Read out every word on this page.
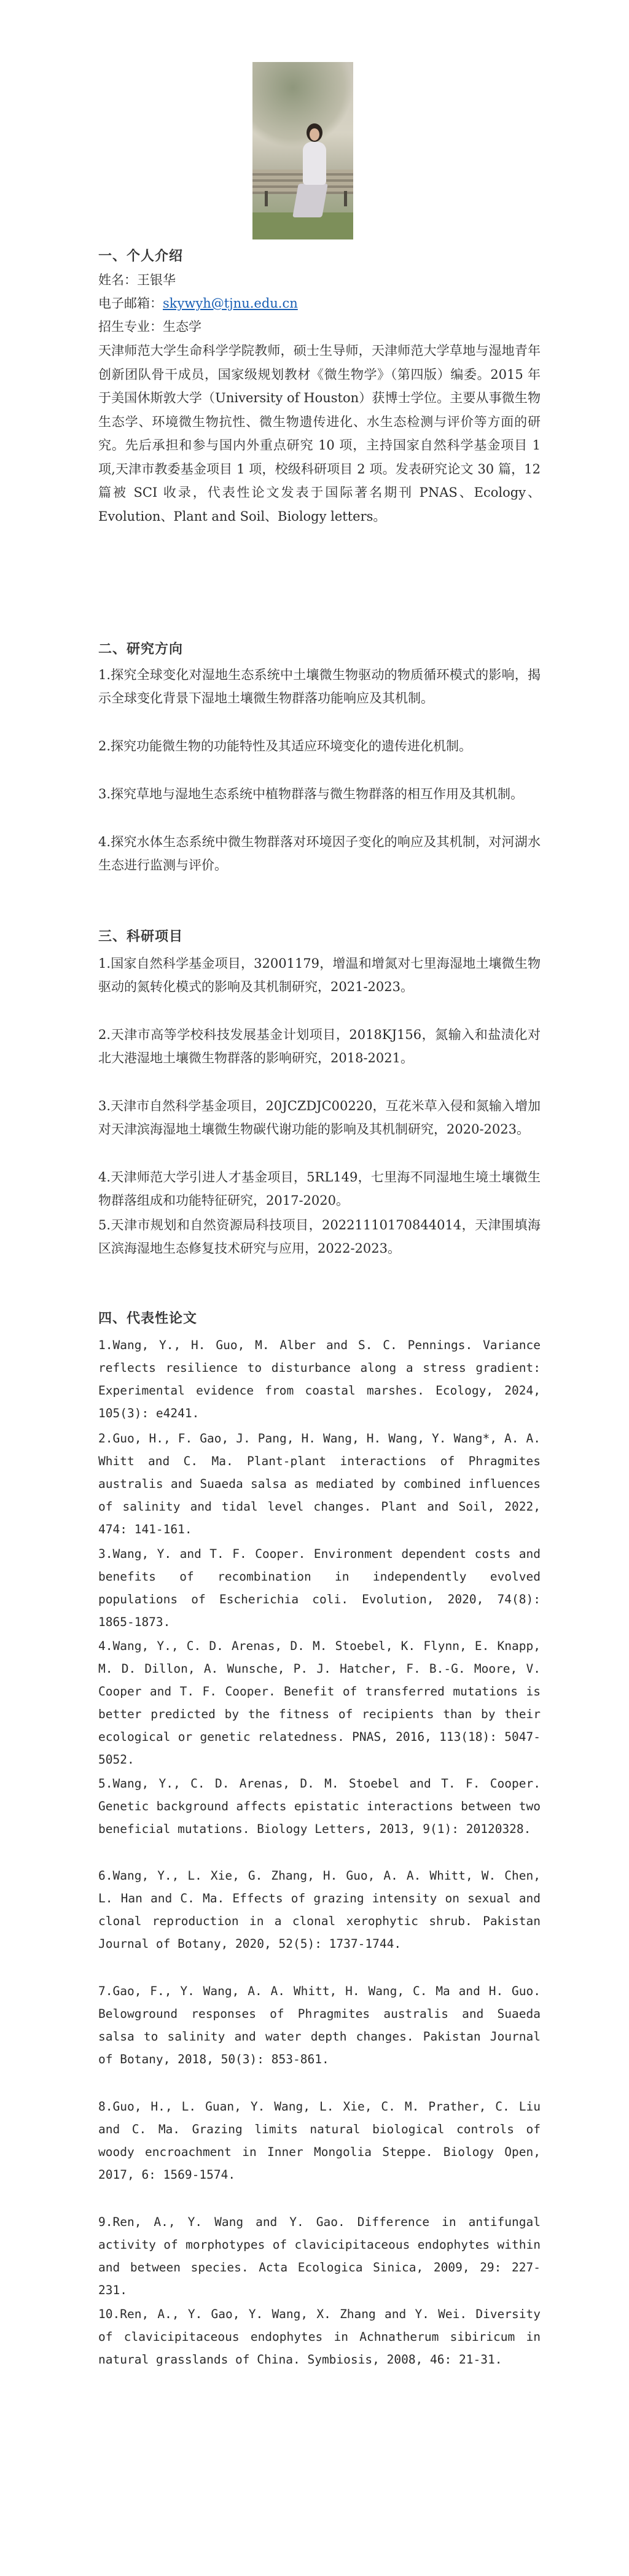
一、个人介绍

姓名：王银华

电子邮箱：skywyh@tjnu.edu.cn

招生专业：生态学

天津师范大学生命科学学院教师，硕士生导师，天津师范大学草地与湿地青年创新团队骨干成员，国家级规划教材《微生物学》（第四版）编委。2015 年于美国休斯敦大学（University of Houston）获博士学位。主要从事微生物生态学、环境微生物抗性、微生物遗传进化、水生态检测与评价等方面的研究。先后承担和参与国内外重点研究 10 项，主持国家自然科学基金项目 1 项,天津市教委基金项目 1 项，校级科研项目 2 项。发表研究论文 30 篇，12 篇被 SCI 收录，代表性论文发表于国际著名期刊 PNAS、Ecology、Evolution、Plant and Soil、Biology letters。

二、研究方向

1.探究全球变化对湿地生态系统中土壤微生物驱动的物质循环模式的影响，揭示全球变化背景下湿地土壤微生物群落功能响应及其机制。

2.探究功能微生物的功能特性及其适应环境变化的遗传进化机制。

3.探究草地与湿地生态系统中植物群落与微生物群落的相互作用及其机制。

4.探究水体生态系统中微生物群落对环境因子变化的响应及其机制，对河湖水生态进行监测与评价。

三、科研项目

1.国家自然科学基金项目，32001179，增温和增氮对七里海湿地土壤微生物驱动的氮转化模式的影响及其机制研究，2021-2023。

2.天津市高等学校科技发展基金计划项目，2018KJ156，氮输入和盐渍化对北大港湿地土壤微生物群落的影响研究，2018-2021。

3.天津市自然科学基金项目，20JCZDJC00220，互花米草入侵和氮输入增加对天津滨海湿地土壤微生物碳代谢功能的影响及其机制研究，2020-2023。

4.天津师范大学引进人才基金项目，5RL149，七里海不同湿地生境土壤微生物群落组成和功能特征研究，2017-2020。

5.天津市规划和自然资源局科技项目，20221110170844014，天津围填海区滨海湿地生态修复技术研究与应用，2022-2023。

四、代表性论文

1.Wang, Y., H. Guo, M. Alber and S. C. Pennings. Variance reflects resilience to disturbance along a stress gradient: Experimental evidence from coastal marshes. Ecology, 2024, 105(3): e4241.

2.Guo, H., F. Gao, J. Pang, H. Wang, H. Wang, Y. Wang*, A. A. Whitt and C. Ma. Plant-plant interactions of Phragmites australis and Suaeda salsa as mediated by combined influences of salinity and tidal level changes. Plant and Soil, 2022, 474: 141-161.

3.Wang, Y. and T. F. Cooper. Environment dependent costs and benefits of recombination in independently evolved populations of Escherichia coli. Evolution, 2020, 74(8): 1865-1873.

4.Wang, Y., C. D. Arenas, D. M. Stoebel, K. Flynn, E. Knapp, M. D. Dillon, A. Wunsche, P. J. Hatcher, F. B.-G. Moore, V. Cooper and T. F. Cooper. Benefit of transferred mutations is better predicted by the fitness of recipients than by their ecological or genetic relatedness. PNAS, 2016, 113(18): 5047-5052.

5.Wang, Y., C. D. Arenas, D. M. Stoebel and T. F. Cooper. Genetic background affects epistatic interactions between two beneficial mutations. Biology Letters, 2013, 9(1): 20120328.

6.Wang, Y., L. Xie, G. Zhang, H. Guo, A. A. Whitt, W. Chen, L. Han and C. Ma. Effects of grazing intensity on sexual and clonal reproduction in a clonal xerophytic shrub. Pakistan Journal of Botany, 2020, 52(5): 1737-1744.

7.Gao, F., Y. Wang, A. A. Whitt, H. Wang, C. Ma and H. Guo. Belowground responses of Phragmites australis and Suaeda salsa to salinity and water depth changes. Pakistan Journal of Botany, 2018, 50(3): 853-861.

8.Guo, H., L. Guan, Y. Wang, L. Xie, C. M. Prather, C. Liu and C. Ma. Grazing limits natural biological controls of woody encroachment in Inner Mongolia Steppe. Biology Open, 2017, 6: 1569-1574.

9.Ren, A., Y. Wang and Y. Gao. Difference in antifungal activity of morphotypes of clavicipitaceous endophytes within and between species. Acta Ecologica Sinica, 2009, 29: 227-231.

10.Ren, A., Y. Gao, Y. Wang, X. Zhang and Y. Wei. Diversity of clavicipitaceous endophytes in Achnatherum sibiricum in natural grasslands of China. Symbiosis, 2008, 46: 21-31.
